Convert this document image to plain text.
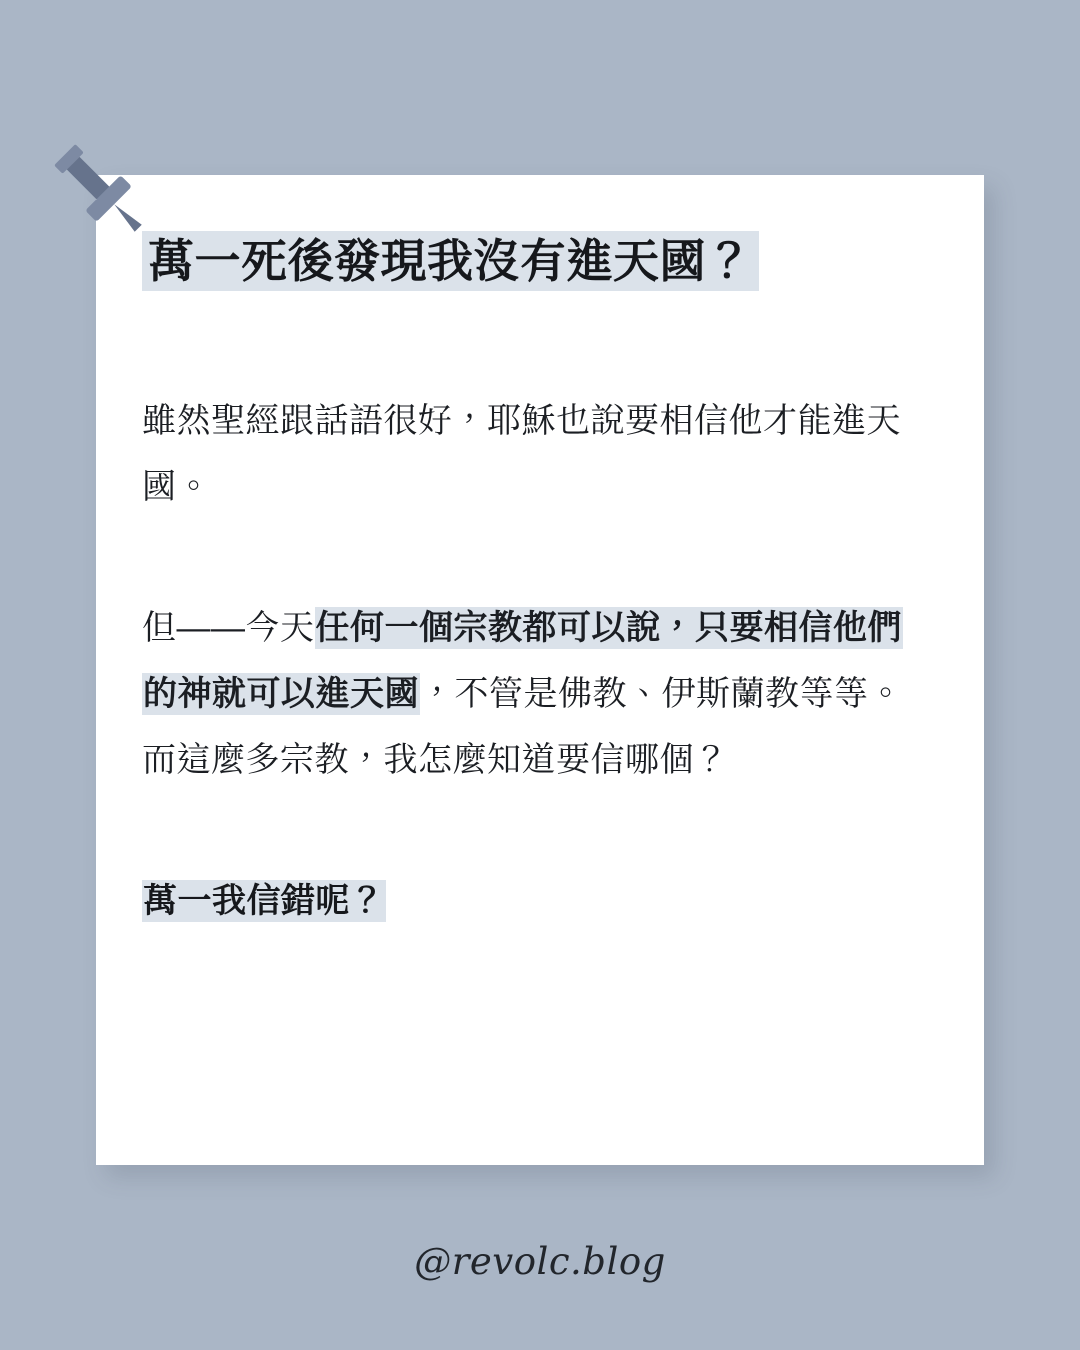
萬一死後發現我沒有進天國？

雖然聖經跟話語很好，耶穌也說要相信他才能進天國。

但——今天任何一個宗教都可以說，只要相信他們的神就可以進天國，不管是佛教、伊斯蘭教等等。而這麼多宗教，我怎麼知道要信哪個？

萬一我信錯呢？

@revolc.blog
